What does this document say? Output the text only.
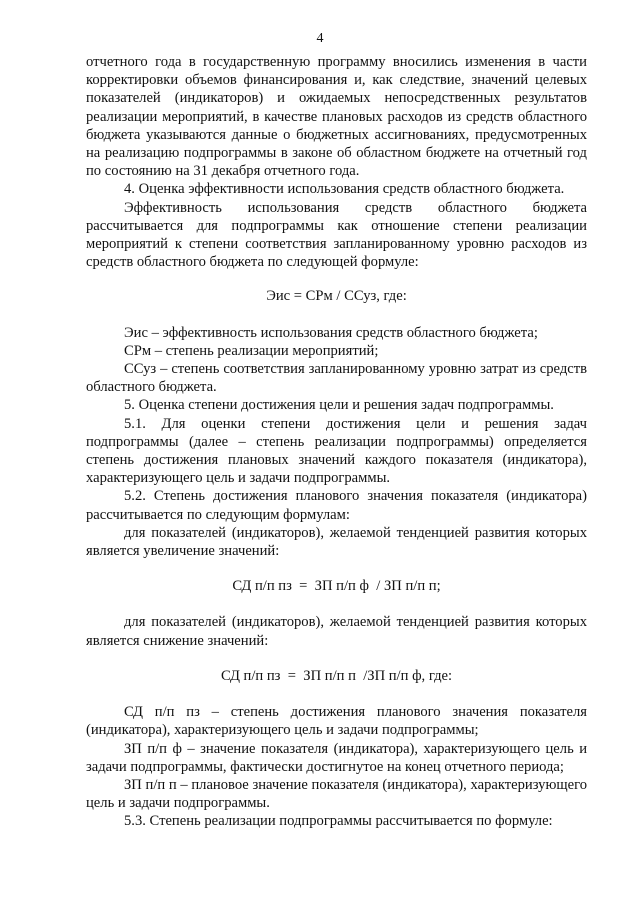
4

отчетного года в государственную программу вносились изменения в части корректировки объемов финансирования и, как следствие, значений целевых показателей (индикаторов) и ожидаемых непосредственных результатов реализации мероприятий, в качестве плановых расходов из средств областного бюджета указываются данные о бюджетных ассигнованиях, предусмотренных на реализацию подпрограммы в законе об областном бюджете на отчетный год по состоянию на 31 декабря отчетного года.

4. Оценка эффективности использования средств областного бюджета.

Эффективность использования средств областного бюджета рассчитывается для подпрограммы как отношение степени реализации мероприятий к степени соответствия запланированному уровню расходов из средств областного бюджета по следующей формуле:

Эис = СРм / ССуз, где:

Эис – эффективность использования средств областного бюджета;

СРм – степень реализации мероприятий;

ССуз – степень соответствия запланированному уровню затрат из средств областного бюджета.

5. Оценка степени достижения цели и решения задач подпрограммы.

5.1. Для оценки степени достижения цели и решения задач подпрограммы (далее – степень реализации подпрограммы) определяется степень достижения плановых значений каждого показателя (индикатора), характеризующего цель и задачи подпрограммы.

5.2. Степень достижения планового значения показателя (индикатора) рассчитывается по следующим формулам:

для показателей (индикаторов), желаемой тенденцией развития которых является увеличение значений:

СД п/п пз  =  ЗП п/п ф  / ЗП п/п п;

для показателей (индикаторов), желаемой тенденцией развития которых является снижение значений:

СД п/п пз  =  ЗП п/п п  /ЗП п/п ф, где:

СД п/п пз – степень достижения планового значения показателя (индикатора), характеризующего цель и задачи подпрограммы;

ЗП п/п ф – значение показателя (индикатора), характеризующего цель и задачи подпрограммы, фактически достигнутое на конец отчетного периода;

ЗП п/п п – плановое значение показателя (индикатора), характеризующего цель и задачи подпрограммы.

5.3. Степень реализации подпрограммы рассчитывается по формуле:
